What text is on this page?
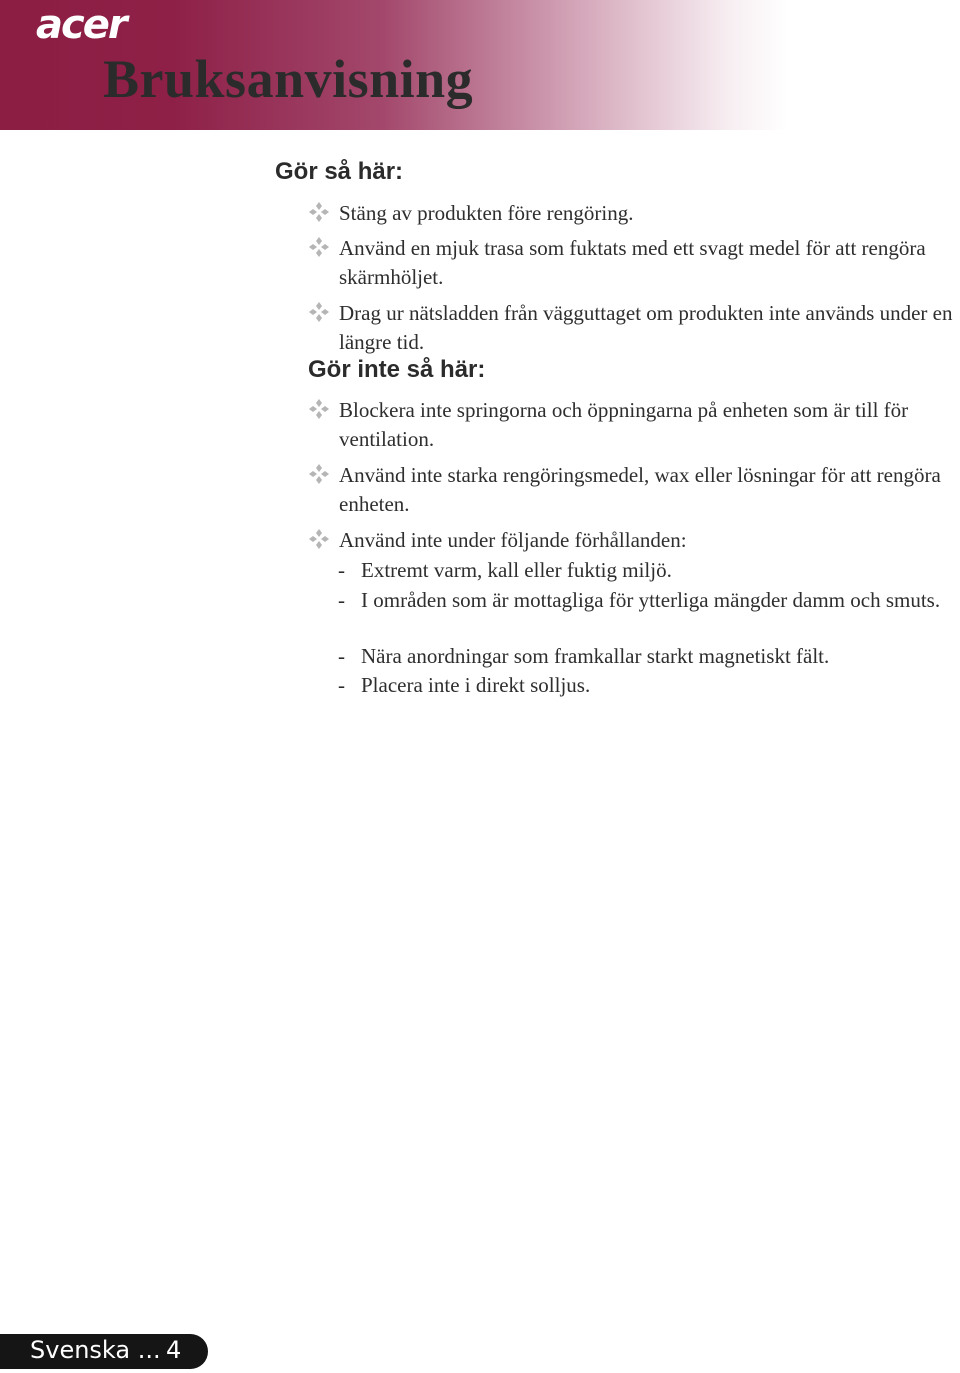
acer
Bruksanvisning
Gör så här:
Stäng av produkten före rengöring.
Använd en mjuk trasa som fuktats med ett svagt medel för att rengöra skärmhöljet.
Drag ur nätsladden från vägguttaget om produkten inte används under en längre tid.
Gör inte så här:
Blockera inte springorna och öppningarna på enheten som är till för ventilation.
Använd inte starka rengöringsmedel, wax eller lösningar för att rengöra enheten.
Använd inte under följande förhållanden:
- Extremt varm, kall eller fuktig miljö.
- I områden som är mottagliga för ytterliga mängder damm och smuts.
- Nära anordningar som framkallar starkt magnetiskt fält.
- Placera inte i direkt solljus.
Svenska ... 4
